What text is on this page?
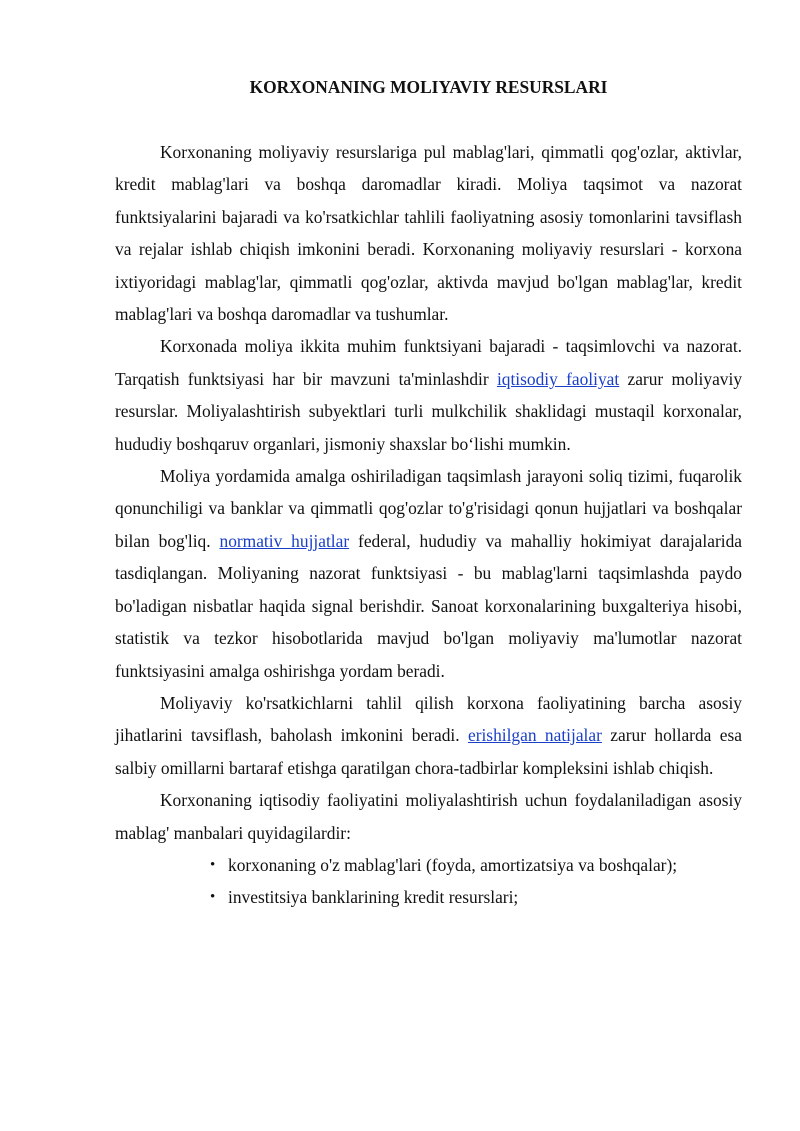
KORXONANING MOLIYAVIY RESURSLARI

Korxonaning moliyaviy resurslariga pul mablag'lari, qimmatli qog'ozlar, aktivlar, kredit mablag'lari va boshqa daromadlar kiradi. Moliya taqsimot va nazorat funktsiyalarini bajaradi va ko'rsatkichlar tahlili faoliyatning asosiy tomonlarini tavsiflash va rejalar ishlab chiqish imkonini beradi. Korxonaning moliyaviy resurslari - korxona ixtiyoridagi mablag'lar, qimmatli qog'ozlar, aktivda mavjud bo'lgan mablag'lar, kredit mablag'lari va boshqa daromadlar va tushumlar.

Korxonada moliya ikkita muhim funktsiyani bajaradi - taqsimlovchi va nazorat. Tarqatish funktsiyasi har bir mavzuni ta'minlashdir iqtisodiy faoliyat zarur moliyaviy resurslar. Moliyalashtirish subyektlari turli mulkchilik shaklidagi mustaqil korxonalar, hududiy boshqaruv organlari, jismoniy shaxslar bo‘lishi mumkin.

Moliya yordamida amalga oshiriladigan taqsimlash jarayoni soliq tizimi, fuqarolik qonunchiligi va banklar va qimmatli qog'ozlar to'g'risidagi qonun hujjatlari va boshqalar bilan bog'liq. normativ hujjatlar federal, hududiy va mahalliy hokimiyat darajalarida tasdiqlangan. Moliyaning nazorat funktsiyasi - bu mablag'larni taqsimlashda paydo bo'ladigan nisbatlar haqida signal berishdir. Sanoat korxonalarining buxgalteriya hisobi, statistik va tezkor hisobotlarida mavjud bo'lgan moliyaviy ma'lumotlar nazorat funktsiyasini amalga oshirishga yordam beradi.

Moliyaviy ko'rsatkichlarni tahlil qilish korxona faoliyatining barcha asosiy jihatlarini tavsiflash, baholash imkonini beradi. erishilgan natijalar zarur hollarda esa salbiy omillarni bartaraf etishga qaratilgan chora-tadbirlar kompleksini ishlab chiqish.

Korxonaning iqtisodiy faoliyatini moliyalashtirish uchun foydalaniladigan asosiy mablag' manbalari quyidagilardir:

• korxonaning o'z mablag'lari (foyda, amortizatsiya va boshqalar);
• investitsiya banklarining kredit resurslari;
